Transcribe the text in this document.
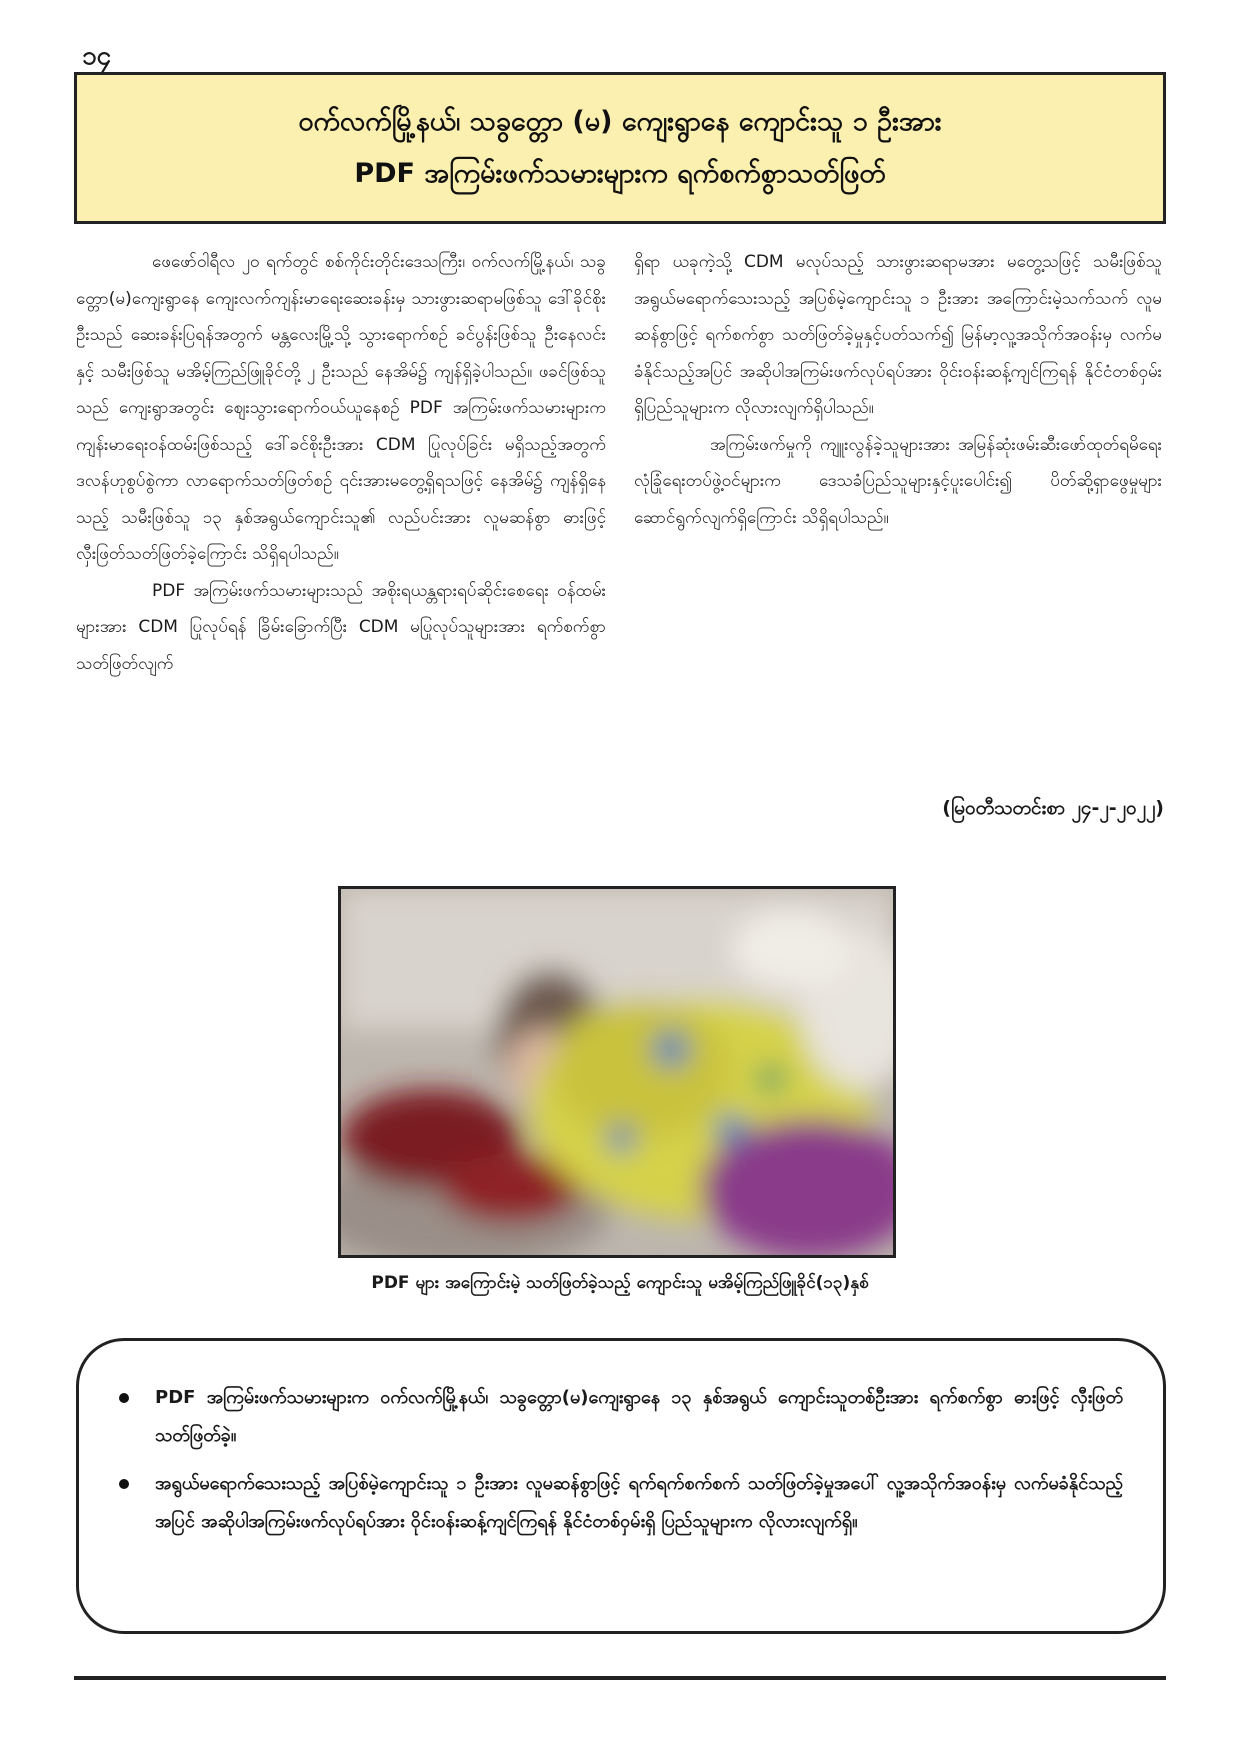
၁၄
ဝက်လက်မြို့နယ်၊ သခွတ္တော (မ) ကျေးရွာနေ ကျောင်းသူ ၁ ဦးအား
PDF အကြမ်းဖက်သမားများက ရက်စက်စွာသတ်ဖြတ်

ဖေဖော်ဝါရီလ ၂၀ ရက်တွင် စစ်ကိုင်းတိုင်းဒေသကြီး၊ ဝက်လက်မြို့နယ်၊ သခွတ္တော(မ)ကျေးရွာနေ ကျေးလက်ကျန်းမာရေးဆေးခန်းမှ သားဖွားဆရာမဖြစ်သူ ဒေါ်ခိုင်စိုးဦးသည် ဆေးခန်းပြရန်အတွက် မန္တလေးမြို့သို့ သွားရောက်စဉ် ခင်ပွန်းဖြစ်သူ ဦးနေလင်းနှင့် သမီးဖြစ်သူ မအိမ့်ကြည်ဖြူခိုင်တို့ ၂ ဦးသည် နေအိမ်၌ ကျန်ရှိခဲ့ပါသည်။ ဖခင်ဖြစ်သူသည် ကျေးရွာအတွင်း ဈေးသွားရောက်ဝယ်ယူနေစဉ် PDF အကြမ်းဖက်သမားများက ကျန်းမာရေးဝန်ထမ်းဖြစ်သည့် ဒေါ်ခင်စိုးဦးအား CDM ပြုလုပ်ခြင်း မရှိသည့်အတွက် ဒလန်ဟုစွပ်စွဲကာ လာရောက်သတ်ဖြတ်စဉ် ၎င်းအားမတွေ့ရှိရသဖြင့် နေအိမ်၌ ကျန်ရှိနေသည့် သမီးဖြစ်သူ ၁၃ နှစ်အရွယ်ကျောင်းသူ၏ လည်ပင်းအား လူမဆန်စွာ ဓားဖြင့် လှီးဖြတ်သတ်ဖြတ်ခဲ့ကြောင်း သိရှိရပါသည်။

PDF အကြမ်းဖက်သမားများသည် အစိုးရယန္တရားရပ်ဆိုင်းစေရေး ဝန်ထမ်းများအား CDM ပြုလုပ်ရန် ခြိမ်းခြောက်ပြီး CDM မပြုလုပ်သူများအား ရက်စက်စွာ သတ်ဖြတ်လျက်

ရှိရာ ယခုကဲ့သို့ CDM မလုပ်သည့် သားဖွားဆရာမအား မတွေ့သဖြင့် သမီးဖြစ်သူ အရွယ်မရောက်သေးသည့် အပြစ်မဲ့ကျောင်းသူ ၁ ဦးအား အကြောင်းမဲ့သက်သက် လူမဆန်စွာဖြင့် ရက်စက်စွာ သတ်ဖြတ်ခဲ့မှုနှင့်ပတ်သက်၍ မြန်မာ့လူ့အသိုက်အဝန်းမှ လက်မခံနိုင်သည့်အပြင် အဆိုပါအကြမ်းဖက်လုပ်ရပ်အား ဝိုင်းဝန်းဆန့်ကျင်ကြရန် နိုင်ငံတစ်ဝှမ်းရှိပြည်သူများက လိုလားလျက်ရှိပါသည်။

အကြမ်းဖက်မှုကို ကျူးလွန်ခဲ့သူများအား အမြန်ဆုံးဖမ်းဆီးဖော်ထုတ်ရမိရေး လုံခြုံရေးတပ်ဖွဲ့ဝင်များက ဒေသခံပြည်သူများနှင့်ပူးပေါင်း၍ ပိတ်ဆို့ရှာဖွေမှုများ ဆောင်ရွက်လျက်ရှိကြောင်း သိရှိရပါသည်။

(မြဝတီသတင်းစာ ၂၄-၂-၂၀၂၂)
PDF များ အကြောင်းမဲ့ သတ်ဖြတ်ခဲ့သည့် ကျောင်းသူ မအိမ့်ကြည်ဖြူခိုင်(၁၃)နှစ်
PDF အကြမ်းဖက်သမားများက ဝက်လက်မြို့နယ်၊ သခွတ္တော(မ)ကျေးရွာနေ ၁၃ နှစ်အရွယ် ကျောင်းသူတစ်ဦးအား ရက်စက်စွာ ဓားဖြင့် လှီးဖြတ်သတ်ဖြတ်ခဲ့။
အရွယ်မရောက်သေးသည့် အပြစ်မဲ့ကျောင်းသူ ၁ ဦးအား လူမဆန်စွာဖြင့် ရက်ရက်စက်စက် သတ်ဖြတ်ခဲ့မှုအပေါ် လူ့အသိုက်အဝန်းမှ လက်မခံနိုင်သည့်အပြင် အဆိုပါအကြမ်းဖက်လုပ်ရပ်အား ဝိုင်းဝန်းဆန့်ကျင်ကြရန် နိုင်ငံတစ်ဝှမ်းရှိ ပြည်သူများက လိုလားလျက်ရှိ။
